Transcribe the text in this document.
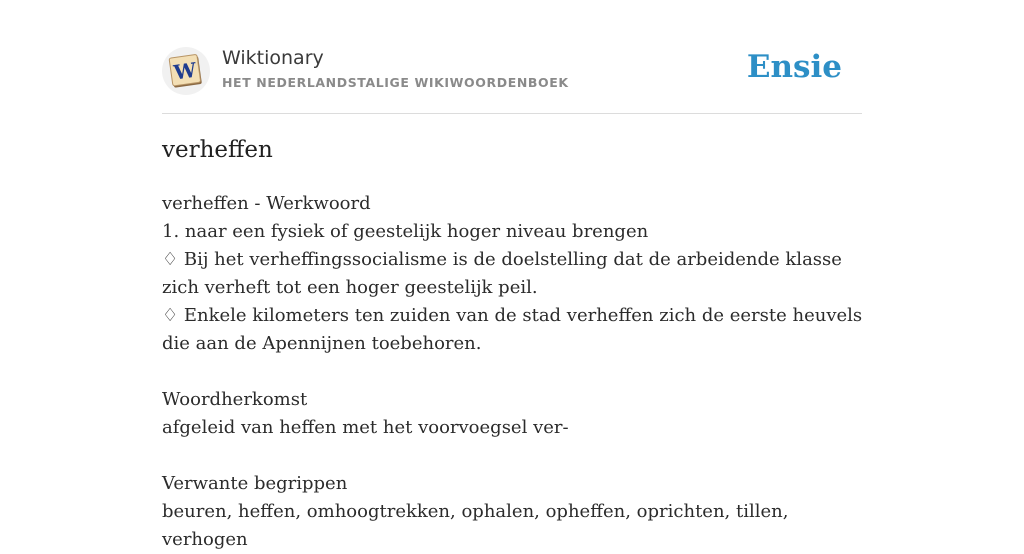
W Wiktionary
HET NEDERLANDSTALIGE WIKIWOORDENBOEK	Ensie
verheffen

verheffen - Werkwoord

1. naar een fysiek of geestelijk hoger niveau brengen

♢ Bij het verheffingssocialisme is de doelstelling dat de arbeidende klasse zich verheft tot een hoger geestelijk peil.

♢ Enkele kilometers ten zuiden van de stad verheffen zich de eerste heuvels die aan de Apennijnen toebehoren.

Woordherkomst

afgeleid van heffen met het voorvoegsel ver-

Verwante begrippen

beuren, heffen, omhoogtrekken, ophalen, opheffen, oprichten, tillen, verhogen
